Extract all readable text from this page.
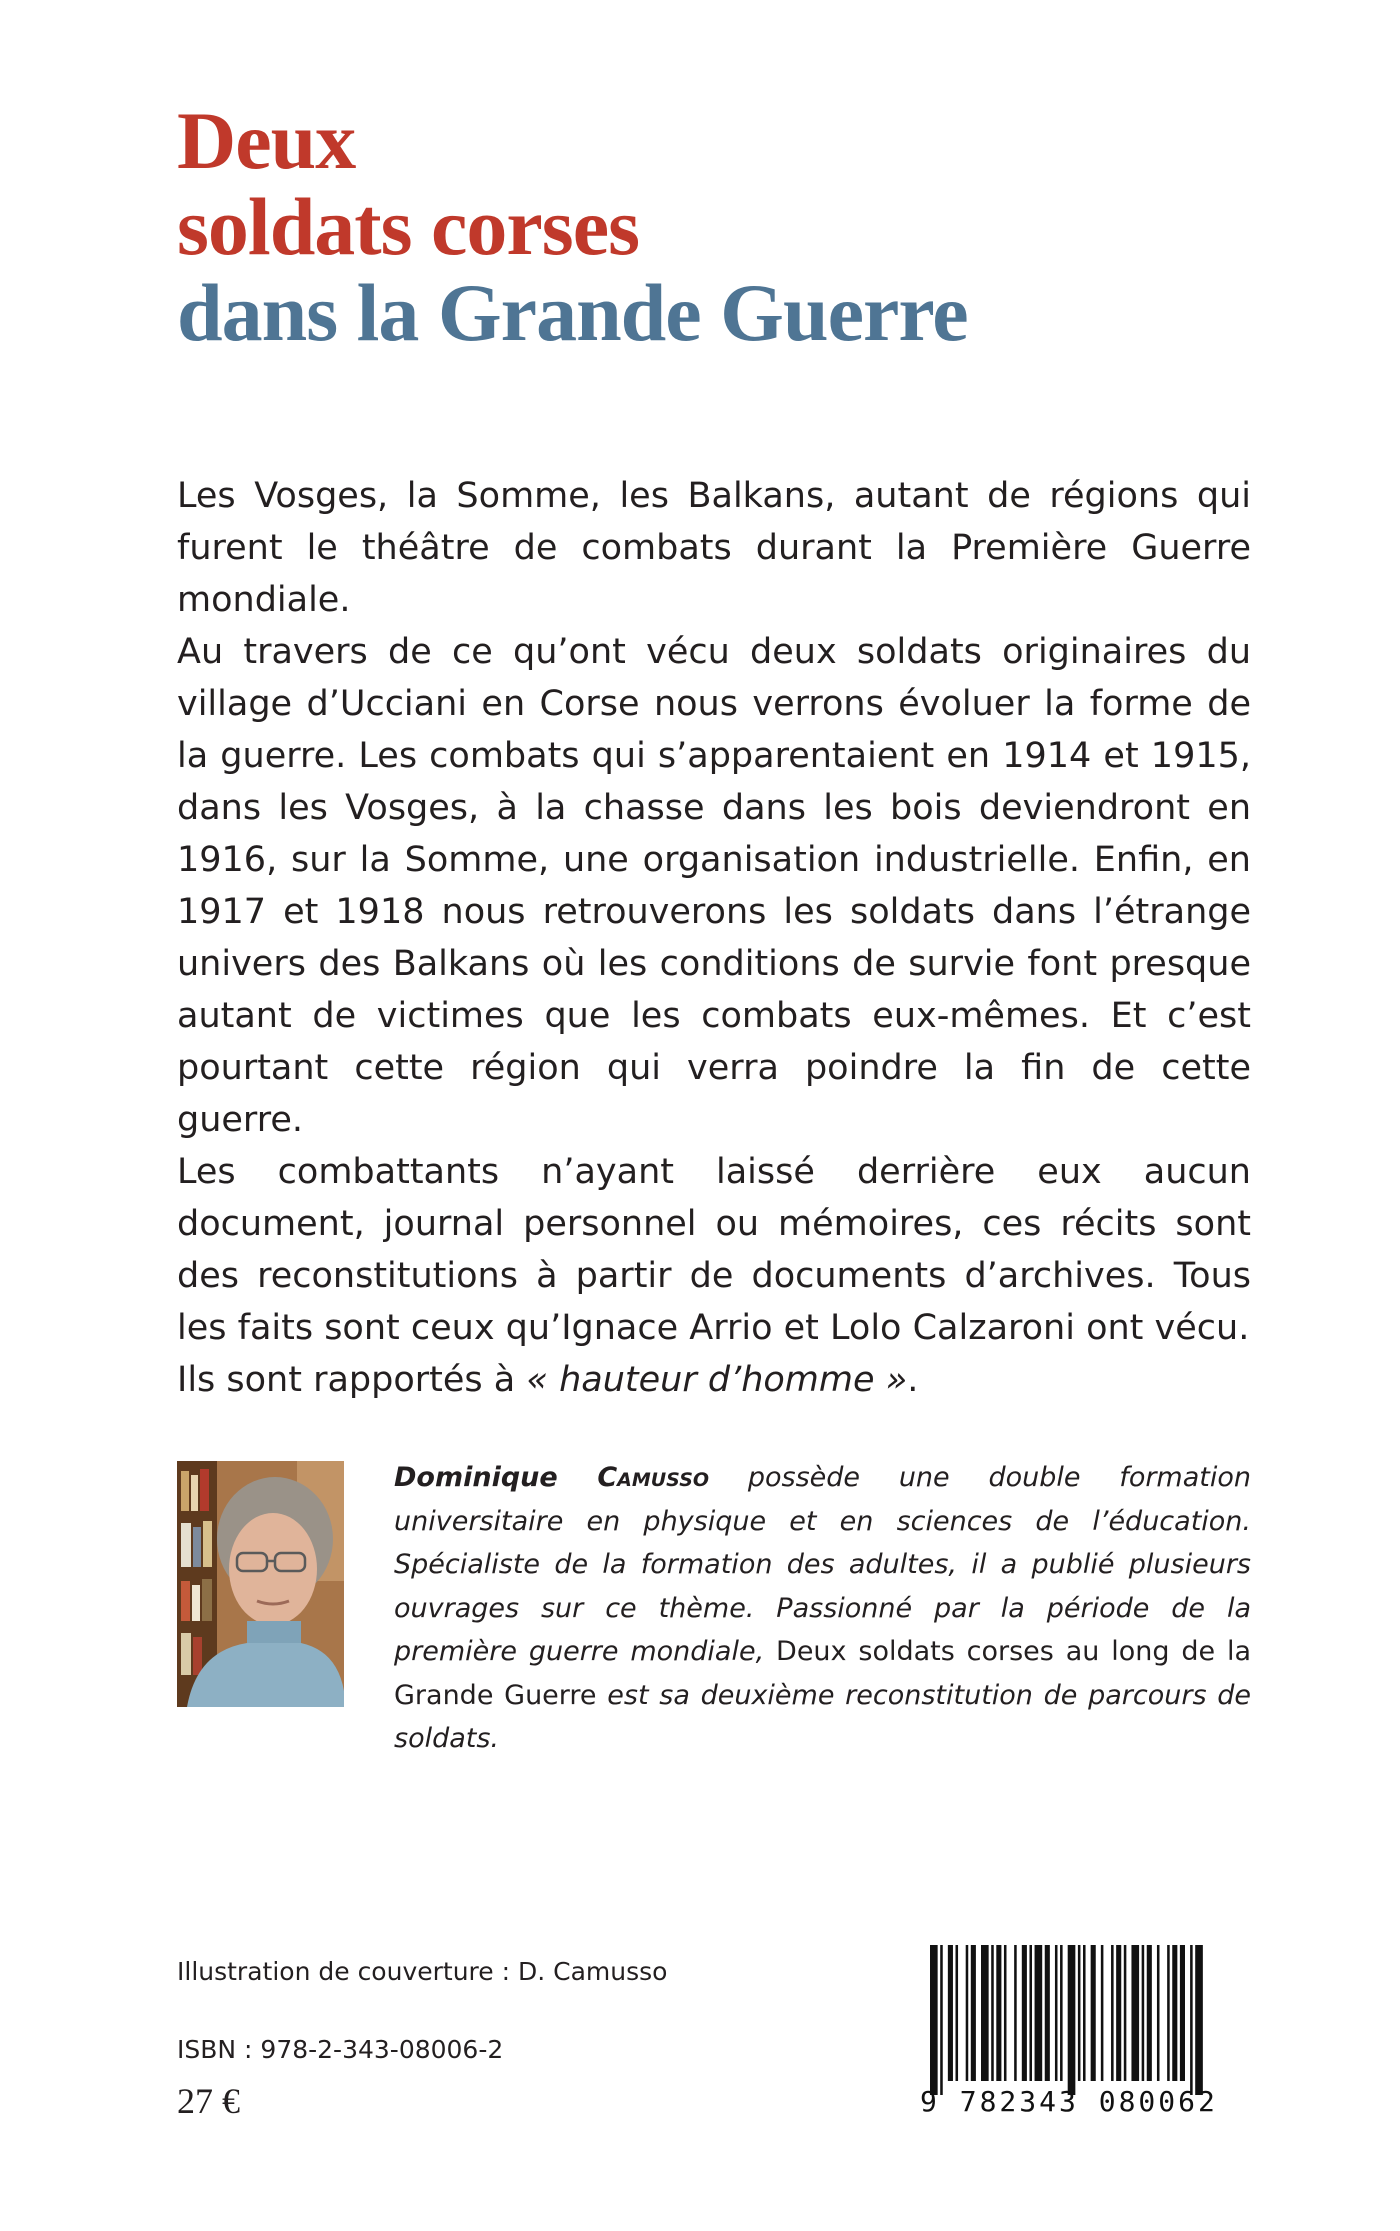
Deux
soldats corses
dans la Grande Guerre

Les Vosges, la Somme, les Balkans, autant de régions qui furent le théâtre de combats durant la Première Guerre mondiale.

Au travers de ce qu’ont vécu deux soldats originaires du village d’Ucciani en Corse nous verrons évoluer la forme de la guerre. Les combats qui s’apparentaient en 1914 et 1915, dans les Vosges, à la chasse dans les bois deviendront en 1916, sur la Somme, une organisation industrielle. Enfin, en 1917 et 1918 nous retrouverons les soldats dans l’étrange univers des Balkans où les conditions de survie font presque autant de victimes que les combats eux-mêmes. Et c’est pourtant cette région qui verra poindre la fin de cette guerre.

Les combattants n’ayant laissé derrière eux aucun document, journal personnel ou mémoires, ces récits sont des reconstitutions à partir de documents d’archives. Tous les faits sont ceux qu’Ignace Arrio et Lolo Calzaroni ont vécu.

Ils sont rapportés à « hauteur d’homme ».

Dominique Camusso possède une double formation universitaire en physique et en sciences de l’éducation. Spécialiste de la formation des adultes, il a publié plusieurs ouvrages sur ce thème. Passionné par la période de la première guerre mondiale, Deux soldats corses au long de la Grande Guerre est sa deuxième reconstitution de parcours de soldats.
Illustration de couverture : D. Camusso
ISBN : 978-2-343-08006-2
27 €	9 782343 080062
